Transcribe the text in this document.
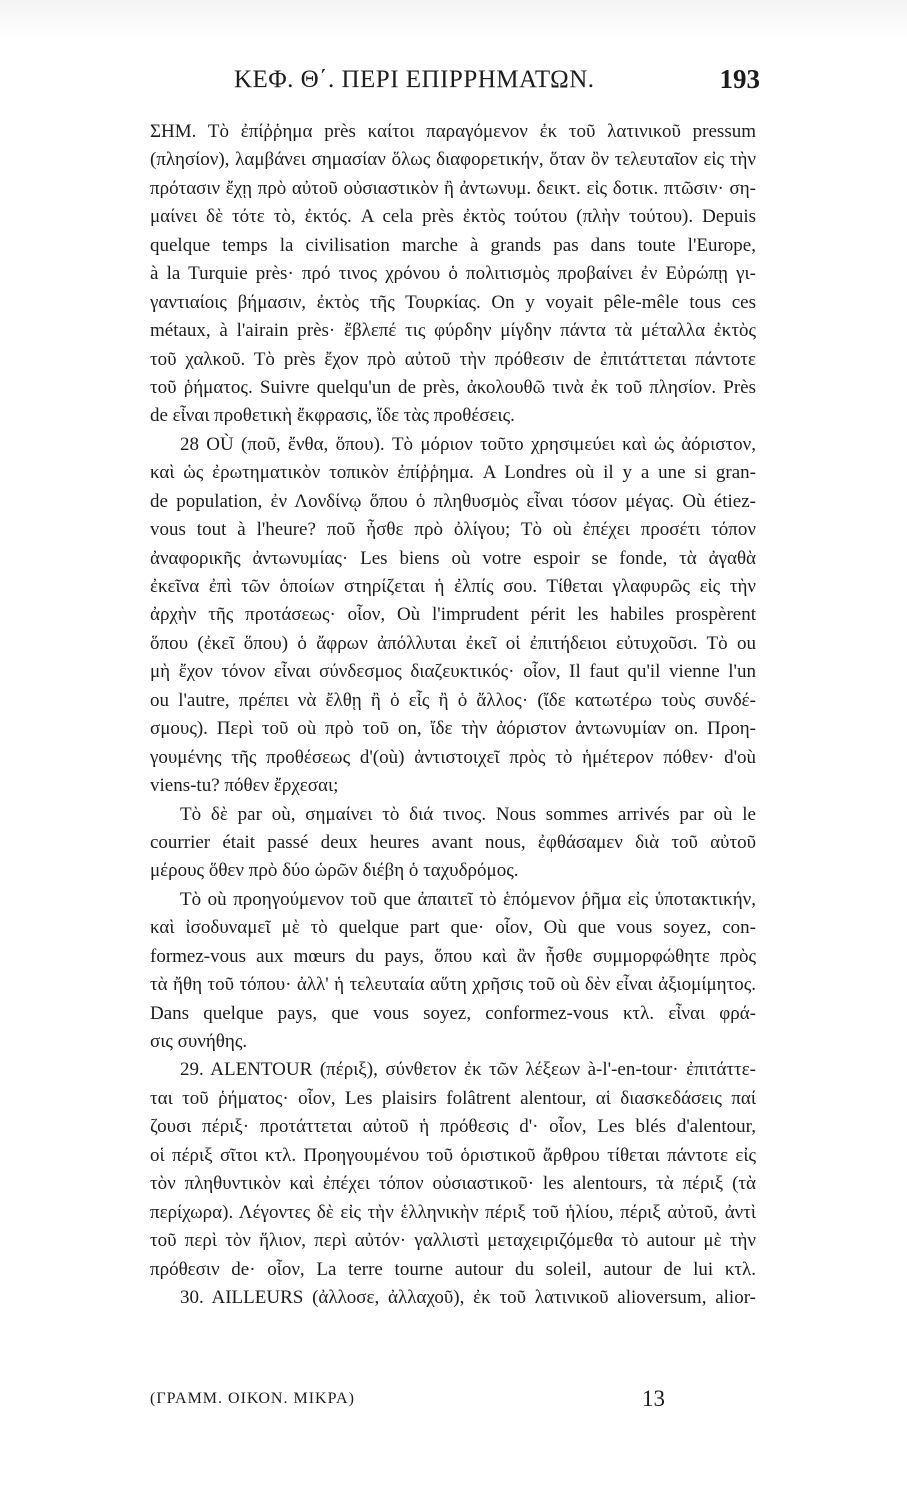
ΚΕΦ. Θ΄. ΠΕΡΙ ΕΠΙΡΡΗΜΑΤΩΝ.	193
ΣΗΜ. Τὸ ἐπίῤῥημα près καίτοι παραγόμενον ἐκ τοῦ λατινικοῦ pressum
(πλησίον), λαμβάνει σημασίαν ὅλως διαφορετικήν, ὅταν ὂν τελευταῖον εἰς τὴν
πρότασιν ἔχῃ πρὸ αὐτοῦ οὐσιαστικὸν ἢ ἀντωνυμ. δεικτ. εἰς δοτικ. πτῶσιν· ση-
μαίνει δὲ τότε τὸ, ἐκτός. A cela près ἐκτὸς τούτου (πλὴν τούτου). Depuis
quelque temps la civilisation marche à grands pas dans toute l'Europe,
à la Turquie près· πρό τινος χρόνου ὁ πολιτισμὸς προβαίνει ἐν Εὐρώπῃ γι-
γαντιαίοις βήμασιν, ἐκτὸς τῆς Τουρκίας. On y voyait pêle-mêle tous ces
métaux, à l'airain près· ἔβλεπέ τις φύρδην μίγδην πάντα τὰ μέταλλα ἐκτὸς
τοῦ χαλκοῦ. Τὸ près ἔχον πρὸ αὐτοῦ τὴν πρόθεσιν de ἐπιτάττεται πάντοτε
τοῦ ῥήματος. Suivre quelqu'un de près, ἀκολουθῶ τινὰ ἐκ τοῦ πλησίον. Près
de εἶναι προθετικὴ ἔκφρασις, ἴδε τὰς προθέσεις.
28 OÙ (ποῦ, ἔνθα, ὅπου). Τὸ μόριον τοῦτο χρησιμεύει καὶ ὡς ἀόριστον,
καὶ ὡς ἐρωτηματικὸν τοπικὸν ἐπίῤῥημα. A Londres où il y a une si gran-
de population, ἐν Λονδίνῳ ὅπου ὁ πληθυσμὸς εἶναι τόσον μέγας. Où étiez-
vous tout à l'heure? ποῦ ἦσθε πρὸ ὀλίγου; Τὸ où ἐπέχει προσέτι τόπον
ἀναφορικῆς ἀντωνυμίας· Les biens où votre espoir se fonde, τὰ ἀγαθὰ
ἐκεῖνα ἐπὶ τῶν ὁποίων στηρίζεται ἡ ἐλπίς σου. Τίθεται γλαφυρῶς εἰς τὴν
ἀρχὴν τῆς προτάσεως· οἷον, Où l'imprudent périt les habiles prospèrent
ὅπου (ἐκεῖ ὅπου) ὁ ἄφρων ἀπόλλυται ἐκεῖ οἱ ἐπιτήδειοι εὐτυχοῦσι. Τὸ ou
μὴ ἔχον τόνον εἶναι σύνδεσμος διαζευκτικός· οἷον, Il faut qu'il vienne l'un
ou l'autre, πρέπει νὰ ἔλθῃ ἢ ὁ εἷς ἢ ὁ ἄλλος· (ἴδε κατωτέρω τοὺς συνδέ-
σμους). Περὶ τοῦ où πρὸ τοῦ on, ἴδε τὴν ἀόριστον ἀντωνυμίαν on. Προη-
γουμένης τῆς προθέσεως d'(où) ἀντιστοιχεῖ πρὸς τὸ ἡμέτερον πόθεν· d'où
viens-tu? πόθεν ἔρχεσαι;
Τὸ δὲ par où, σημαίνει τὸ διά τινος. Nous sommes arrivés par où le
courrier était passé deux heures avant nous, ἐφθάσαμεν διὰ τοῦ αὐτοῦ
μέρους ὅθεν πρὸ δύο ὡρῶν διέβη ὁ ταχυδρόμος.
Τὸ où προηγούμενον τοῦ que ἀπαιτεῖ τὸ ἑπόμενον ῥῆμα εἰς ὑποτακτικήν,
καὶ ἰσοδυναμεῖ μὲ τὸ quelque part que· οἷον, Où que vous soyez, con-
formez-vous aux mœurs du pays, ὅπου καὶ ἂν ἦσθε συμμορφώθητε πρὸς
τὰ ἤθη τοῦ τόπου· ἀλλ' ἡ τελευταία αὕτη χρῆσις τοῦ où δὲν εἶναι ἀξιομίμητος.
Dans quelque pays, que vous soyez, conformez-vous κτλ. εἶναι φρά-
σις συνήθης.
29. ALENTOUR (πέριξ), σύνθετον ἐκ τῶν λέξεων à-l'-en-tour· ἐπιτάττε-
ται τοῦ ῥήματος· οἷον, Les plaisirs folâtrent alentour, αἱ διασκεδάσεις παί
ζουσι πέριξ· προτάττεται αὐτοῦ ἡ πρόθεσις d'· οἷον, Les blés d'alentour,
οἱ πέριξ σῖτοι κτλ. Προηγουμένου τοῦ ὁριστικοῦ ἄρθρου τίθεται πάντοτε εἰς
τὸν πληθυντικὸν καὶ ἐπέχει τόπον οὐσιαστικοῦ· les alentours, τὰ πέριξ (τὰ
περίχωρα). Λέγοντες δὲ εἰς τὴν ἑλληνικὴν πέριξ τοῦ ἡλίου, πέριξ αὐτοῦ, ἀντὶ
τοῦ περὶ τὸν ἥλιον, περὶ αὐτόν· γαλλιστὶ μεταχειριζόμεθα τὸ autour μὲ τὴν
πρόθεσιν de· οἷον, La terre tourne autour du soleil, autour de lui κτλ.
30. AILLEURS (ἀλλοσε, ἀλλαχοῦ), ἐκ τοῦ λατινικοῦ alioversum, alior-
(ΓΡΑΜΜ. ΟΙΚΟΝ. ΜΙΚΡΑ)	13
